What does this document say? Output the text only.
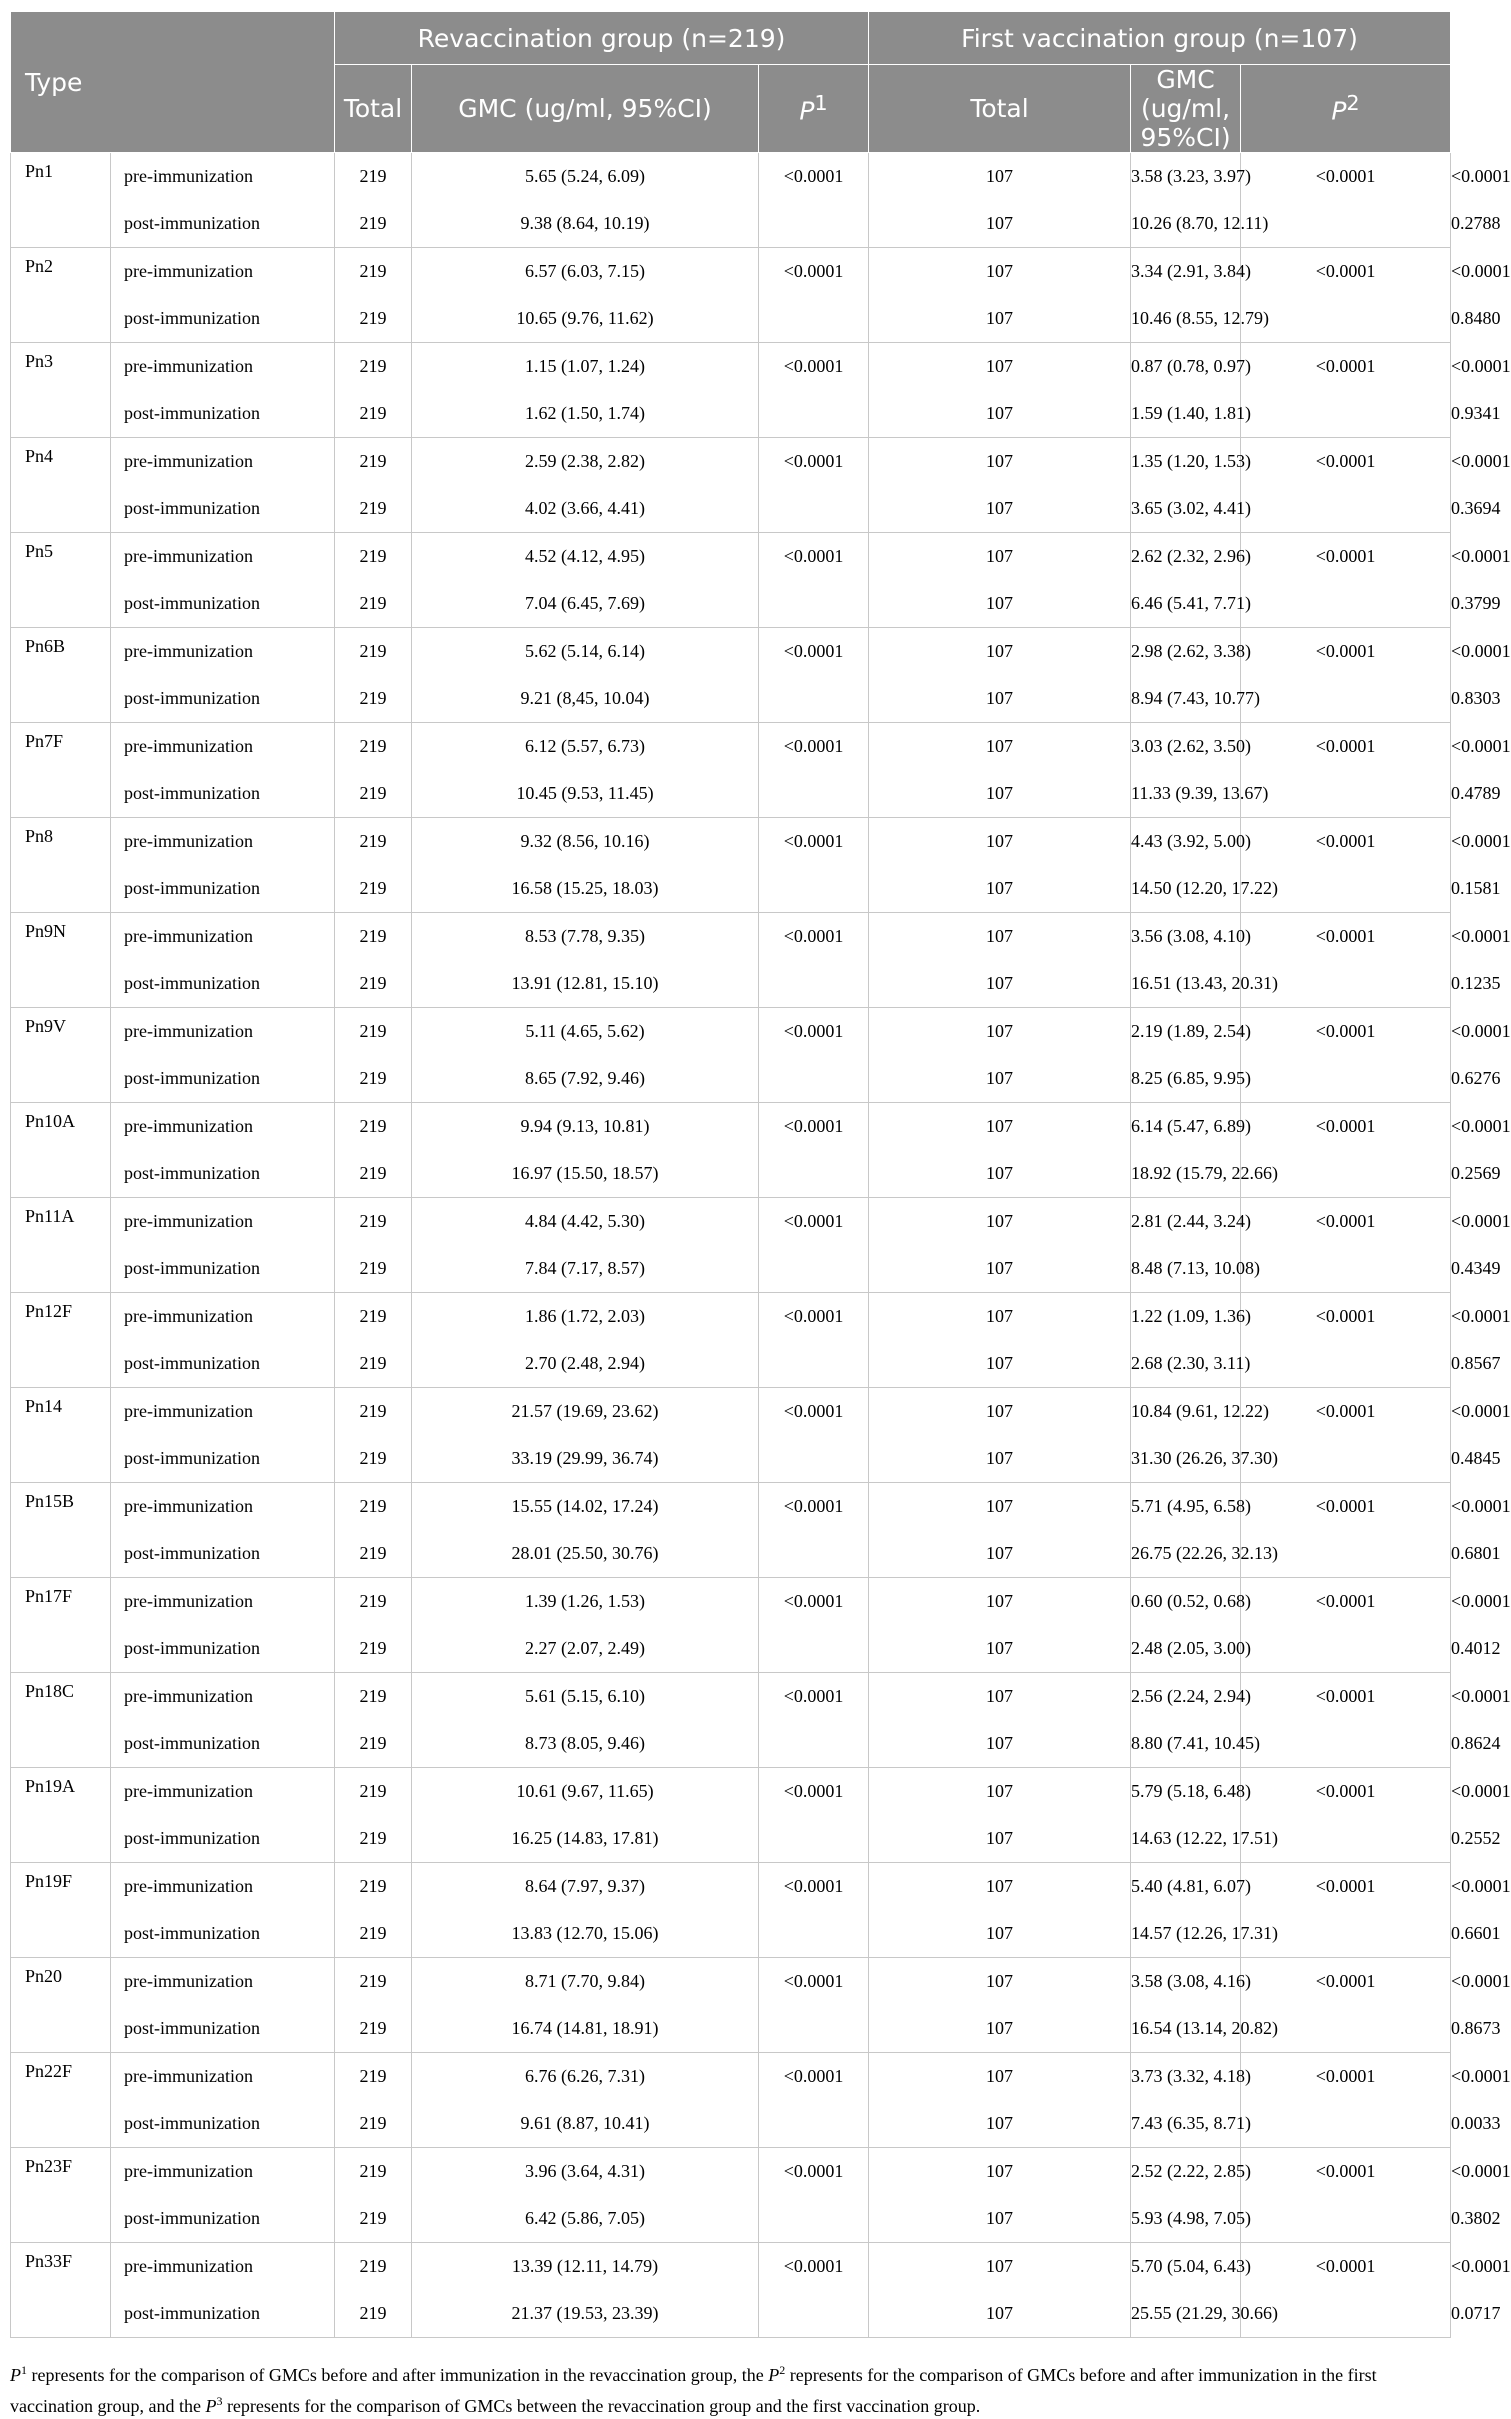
Type		Revaccination group (n=219)			First vaccination group (n=107)			$P^3$
		Total	GMC (ug/ml, 95%CI)	$P^1$	Total	GMC (ug/ml, 95%CI)	$P^2$
Pn1	pre-immunization	219	5.65 (5.24, 6.09)	<0.0001	107	3.58 (3.23, 3.97)	<0.0001	<0.0001
	post-immunization	219	9.38 (8.64, 10.19)		107	10.26 (8.70, 12.11)		0.2788
Pn2	pre-immunization	219	6.57 (6.03, 7.15)	<0.0001	107	3.34 (2.91, 3.84)	<0.0001	<0.0001
	post-immunization	219	10.65 (9.76, 11.62)		107	10.46 (8.55, 12.79)		0.8480
Pn3	pre-immunization	219	1.15 (1.07, 1.24)	<0.0001	107	0.87 (0.78, 0.97)	<0.0001	<0.0001
	post-immunization	219	1.62 (1.50, 1.74)		107	1.59 (1.40, 1.81)		0.9341
Pn4	pre-immunization	219	2.59 (2.38, 2.82)	<0.0001	107	1.35 (1.20, 1.53)	<0.0001	<0.0001
	post-immunization	219	4.02 (3.66, 4.41)		107	3.65 (3.02, 4.41)		0.3694
Pn5	pre-immunization	219	4.52 (4.12, 4.95)	<0.0001	107	2.62 (2.32, 2.96)	<0.0001	<0.0001
	post-immunization	219	7.04 (6.45, 7.69)		107	6.46 (5.41, 7.71)		0.3799
Pn6B	pre-immunization	219	5.62 (5.14, 6.14)	<0.0001	107	2.98 (2.62, 3.38)	<0.0001	<0.0001
	post-immunization	219	9.21 (8,45, 10.04)		107	8.94 (7.43, 10.77)		0.8303
Pn7F	pre-immunization	219	6.12 (5.57, 6.73)	<0.0001	107	3.03 (2.62, 3.50)	<0.0001	<0.0001
	post-immunization	219	10.45 (9.53, 11.45)		107	11.33 (9.39, 13.67)		0.4789
Pn8	pre-immunization	219	9.32 (8.56, 10.16)	<0.0001	107	4.43 (3.92, 5.00)	<0.0001	<0.0001
	post-immunization	219	16.58 (15.25, 18.03)		107	14.50 (12.20, 17.22)		0.1581
Pn9N	pre-immunization	219	8.53 (7.78, 9.35)	<0.0001	107	3.56 (3.08, 4.10)	<0.0001	<0.0001
	post-immunization	219	13.91 (12.81, 15.10)		107	16.51 (13.43, 20.31)		0.1235
Pn9V	pre-immunization	219	5.11 (4.65, 5.62)	<0.0001	107	2.19 (1.89, 2.54)	<0.0001	<0.0001
	post-immunization	219	8.65 (7.92, 9.46)		107	8.25 (6.85, 9.95)		0.6276
Pn10A	pre-immunization	219	9.94 (9.13, 10.81)	<0.0001	107	6.14 (5.47, 6.89)	<0.0001	<0.0001
	post-immunization	219	16.97 (15.50, 18.57)		107	18.92 (15.79, 22.66)		0.2569
Pn11A	pre-immunization	219	4.84 (4.42, 5.30)	<0.0001	107	2.81 (2.44, 3.24)	<0.0001	<0.0001
	post-immunization	219	7.84 (7.17, 8.57)		107	8.48 (7.13, 10.08)		0.4349
Pn12F	pre-immunization	219	1.86 (1.72, 2.03)	<0.0001	107	1.22 (1.09, 1.36)	<0.0001	<0.0001
	post-immunization	219	2.70 (2.48, 2.94)		107	2.68 (2.30, 3.11)		0.8567
Pn14	pre-immunization	219	21.57 (19.69, 23.62)	<0.0001	107	10.84 (9.61, 12.22)	<0.0001	<0.0001
	post-immunization	219	33.19 (29.99, 36.74)		107	31.30 (26.26, 37.30)		0.4845
Pn15B	pre-immunization	219	15.55 (14.02, 17.24)	<0.0001	107	5.71 (4.95, 6.58)	<0.0001	<0.0001
	post-immunization	219	28.01 (25.50, 30.76)		107	26.75 (22.26, 32.13)		0.6801
Pn17F	pre-immunization	219	1.39 (1.26, 1.53)	<0.0001	107	0.60 (0.52, 0.68)	<0.0001	<0.0001
	post-immunization	219	2.27 (2.07, 2.49)		107	2.48 (2.05, 3.00)		0.4012
Pn18C	pre-immunization	219	5.61 (5.15, 6.10)	<0.0001	107	2.56 (2.24, 2.94)	<0.0001	<0.0001
	post-immunization	219	8.73 (8.05, 9.46)		107	8.80 (7.41, 10.45)		0.8624
Pn19A	pre-immunization	219	10.61 (9.67, 11.65)	<0.0001	107	5.79 (5.18, 6.48)	<0.0001	<0.0001
	post-immunization	219	16.25 (14.83, 17.81)		107	14.63 (12.22, 17.51)		0.2552
Pn19F	pre-immunization	219	8.64 (7.97, 9.37)	<0.0001	107	5.40 (4.81, 6.07)	<0.0001	<0.0001
	post-immunization	219	13.83 (12.70, 15.06)		107	14.57 (12.26, 17.31)		0.6601
Pn20	pre-immunization	219	8.71 (7.70, 9.84)	<0.0001	107	3.58 (3.08, 4.16)	<0.0001	<0.0001
	post-immunization	219	16.74 (14.81, 18.91)		107	16.54 (13.14, 20.82)		0.8673
Pn22F	pre-immunization	219	6.76 (6.26, 7.31)	<0.0001	107	3.73 (3.32, 4.18)	<0.0001	<0.0001
	post-immunization	219	9.61 (8.87, 10.41)		107	7.43 (6.35, 8.71)		0.0033
Pn23F	pre-immunization	219	3.96 (3.64, 4.31)	<0.0001	107	2.52 (2.22, 2.85)	<0.0001	<0.0001
	post-immunization	219	6.42 (5.86, 7.05)		107	5.93 (4.98, 7.05)		0.3802
Pn33F	pre-immunization	219	13.39 (12.11, 14.79)	<0.0001	107	5.70 (5.04, 6.43)	<0.0001	<0.0001
	post-immunization	219	21.37 (19.53, 23.39)		107	25.55 (21.29, 30.66)		0.0717
$P^1$ represents for the comparison of GMCs before and after immunization in the revaccination group, the $P^2$ represents for the comparison of GMCs before and after immunization in the first vaccination group, and the $P^3$ represents for the comparison of GMCs between the revaccination group and the first vaccination group.
